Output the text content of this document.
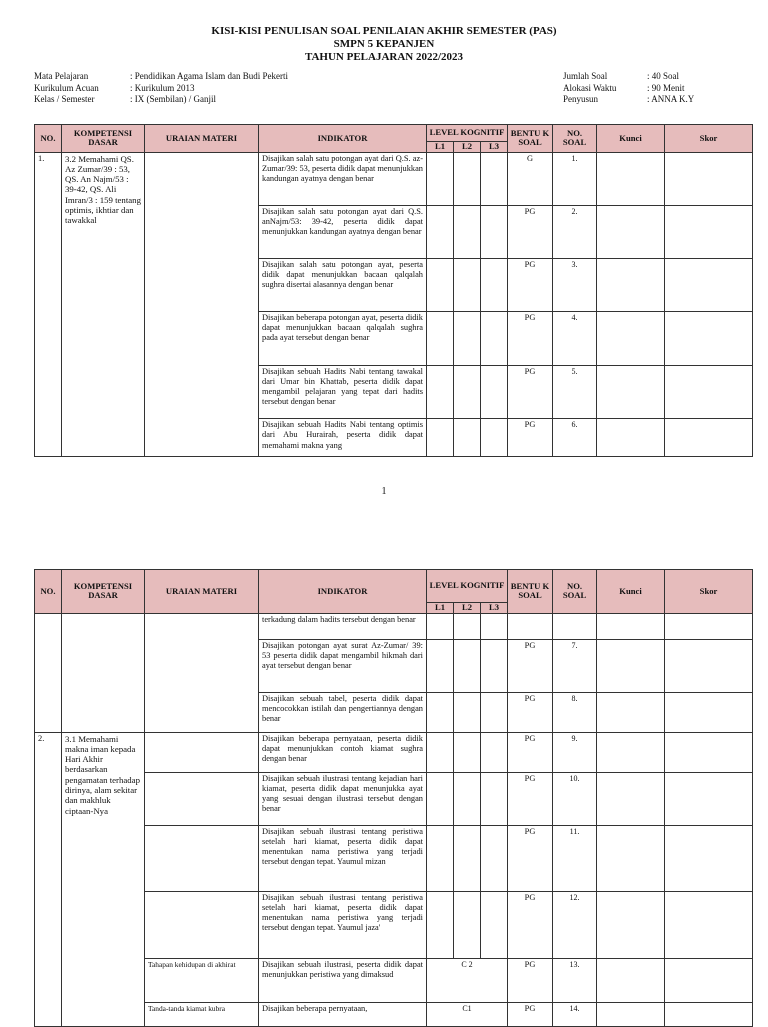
KISI-KISI PENULISAN SOAL PENILAIAN AKHIR SEMESTER (PAS)
SMPN 5 KEPANJEN
TAHUN PELAJARAN 2022/2023
Mata Pelajaran	: Pendidikan Agama Islam dan Budi Pekerti
Kurikulum Acuan	: Kurikulum 2013
Kelas / Semester	: IX (Sembilan) / Ganjil
Jumlah Soal	: 40 Soal
Alokasi Waktu	: 90 Menit
Penyusun	: ANNA K.Y
NO.	KOMPETENSI DASAR	URAIAN MATERI	INDIKATOR	LEVEL KOGNITIF			BENTU K SOAL	NO. SOAL	Kunci	Skor
				L1	L2	L3				
1.	3.2 Memahami QS. Az Zumar/39 : 53, QS. An Najm/53 : 39-42, QS. Ali Imran/3 : 159 tentang optimis, ikhtiar dan tawakkal		Disajikan salah satu potongan ayat dari Q.S. az-Zumar/39: 53, peserta didik dapat menunjukkan kandungan ayatnya dengan benar				G	1.		
			Disajikan salah satu potongan ayat dari Q.S. anNajm/53: 39-42, peserta didik dapat menunjukkan kandungan ayatnya dengan benar				PG	2.		
			Disajikan salah satu potongan ayat, peserta didik dapat menunjukkan bacaan qalqalah sughra disertai alasannya dengan benar				PG	3.		
			Disajikan beberapa potongan ayat, peserta didik dapat menunjukkan bacaan qalqalah sughra pada ayat tersebut dengan benar				PG	4.		
			Disajikan sebuah Hadits Nabi tentang tawakal dari Umar bin Khattab, peserta didik dapat mengambil pelajaran yang tepat dari hadits tersebut dengan benar				PG	5.		
			Disajikan sebuah Hadits Nabi tentang optimis dari Abu Hurairah, peserta didik dapat memahami makna yang				PG	6.		
1
NO.	KOMPETENSI DASAR	URAIAN MATERI	INDIKATOR	LEVEL KOGNITIF			BENTU K SOAL	NO. SOAL	Kunci	Skor
				L1	L2	L3				
			terkadung dalam hadits tersebut dengan benar							
			Disajikan potongan ayat surat Az-Zumar/ 39: 53 peserta didik dapat mengambil hikmah dari ayat tersebut dengan benar				PG	7.		
			Disajikan sebuah tabel, peserta didik dapat mencocokkan istilah dan pengertiannya dengan benar				PG	8.		
2.	3.1 Memahami makna iman kepada Hari Akhir berdasarkan pengamatan terhadap dirinya, alam sekitar dan makhluk ciptaan-Nya		Disajikan beberapa pernyataan, peserta didik dapat menunjukkan contoh kiamat sughra dengan benar				PG	9.		
			Disajikan sebuah ilustrasi tentang kejadian hari kiamat, peserta didik dapat menunjukka ayat yang sesuai dengan ilustrasi tersebut dengan benar				PG	10.		
			Disajikan sebuah ilustrasi tentang peristiwa setelah hari kiamat, peserta didik dapat menentukan nama peristiwa yang terjadi tersebut dengan tepat. Yaumul mizan				PG	11.		
			Disajikan sebuah ilustrasi tentang peristiwa setelah hari kiamat, peserta didik dapat menentukan nama peristiwa yang terjadi tersebut dengan tepat. Yaumul jaza'				PG	12.		
		Tahapan kehidupan di akhirat	Disajikan sebuah ilustrasi, peserta didik dapat menunjukkan peristiwa yang dimaksud	C 2			PG	13.		
		Tanda-tanda kiamat kubra	Disajikan beberapa pernyataan,	C1			PG	14.		
